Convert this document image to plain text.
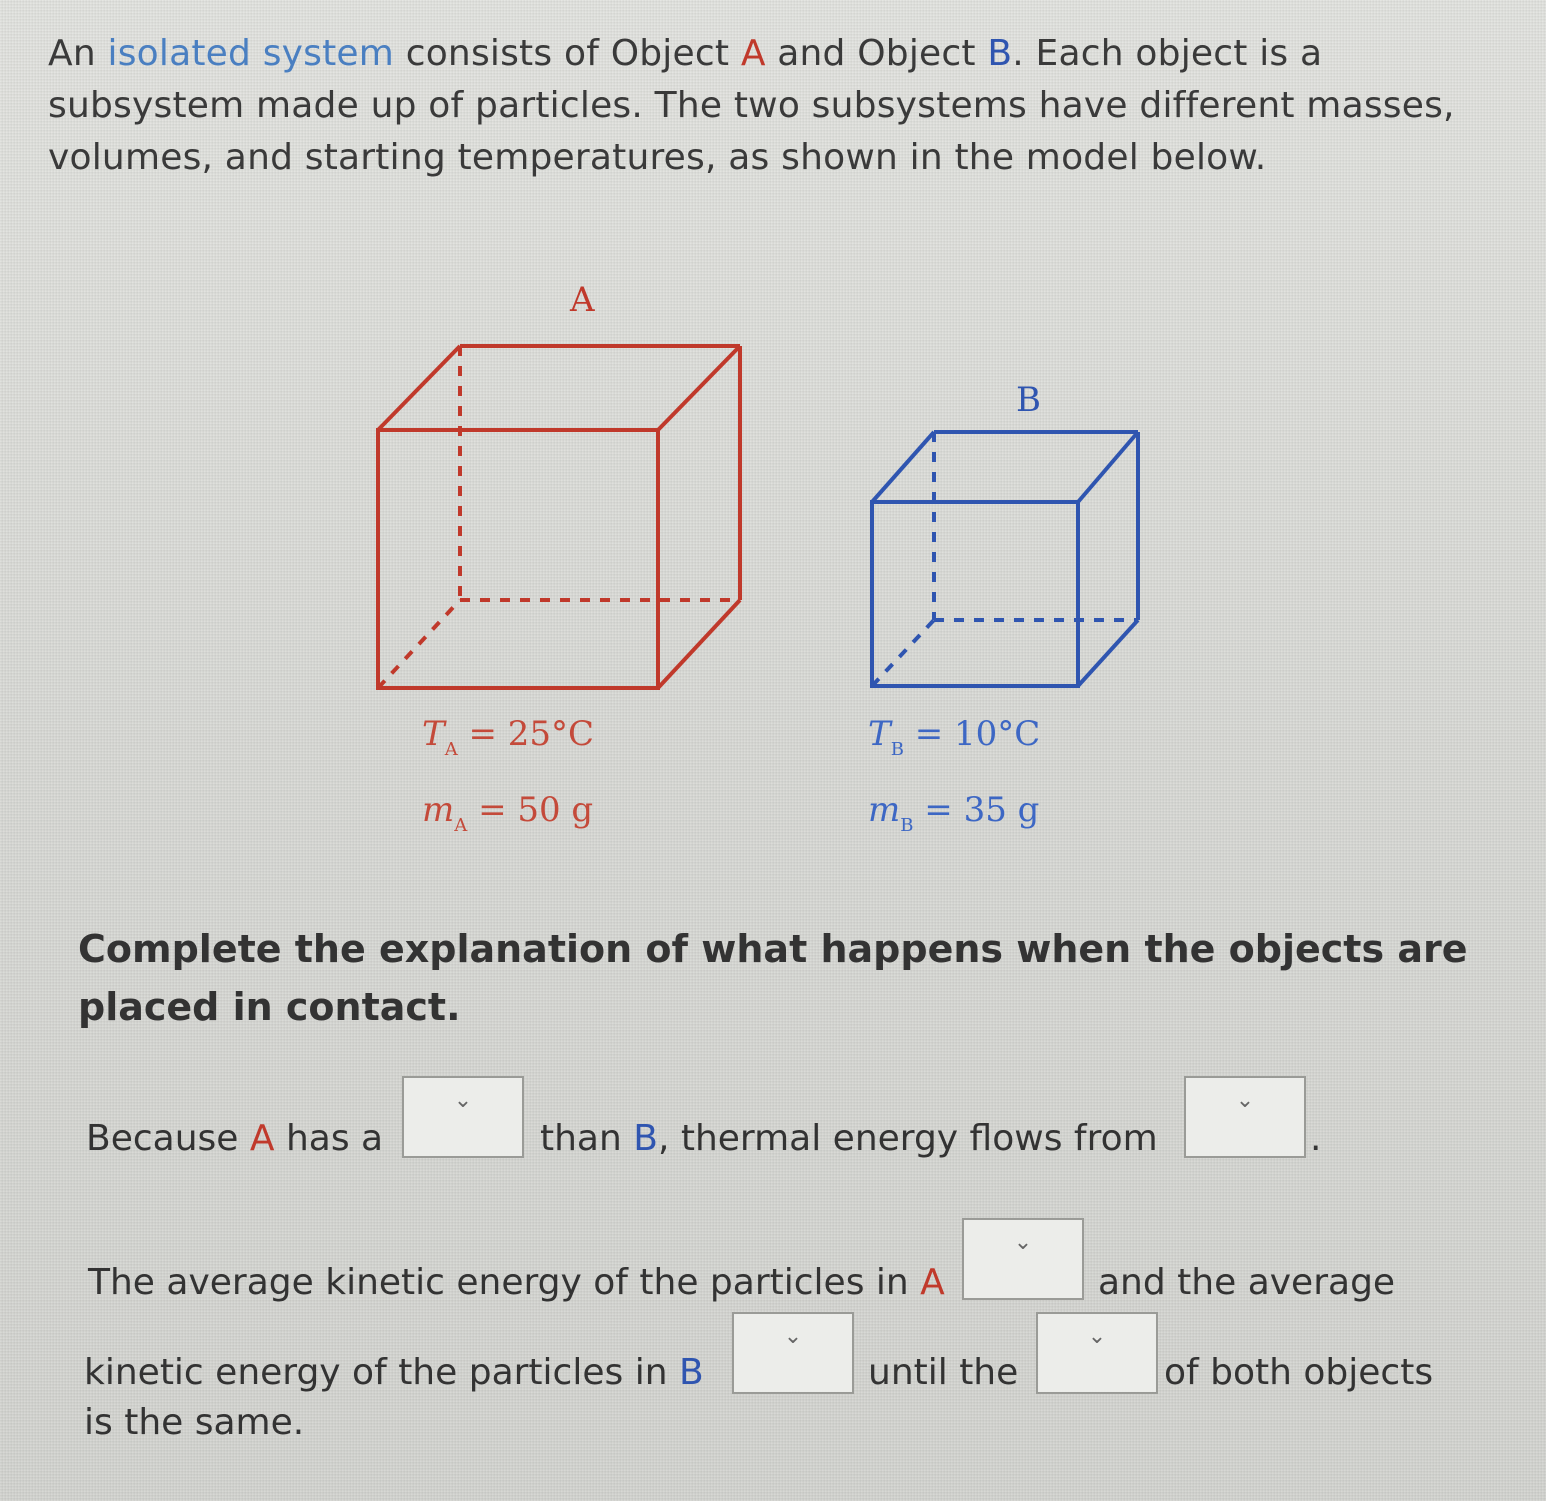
An isolated system consists of Object A and Object B. Each object is a subsystem made up of particles. The two subsystems have different masses, volumes, and starting temperatures, as shown in the model below.
A
B
$T_A = 25^\circ C$
$m_A = 50$ g
$T_B = 10^\circ C$
$m_B = 35$ g
Complete the explanation of what happens when the objects are placed in contact.
Because A has a
⌄
than B, thermal energy flows from
⌄
.
The average kinetic energy of the particles in A
⌄
and the average
kinetic energy of the particles in B
⌄
until the
⌄
of both objects
is the same.
